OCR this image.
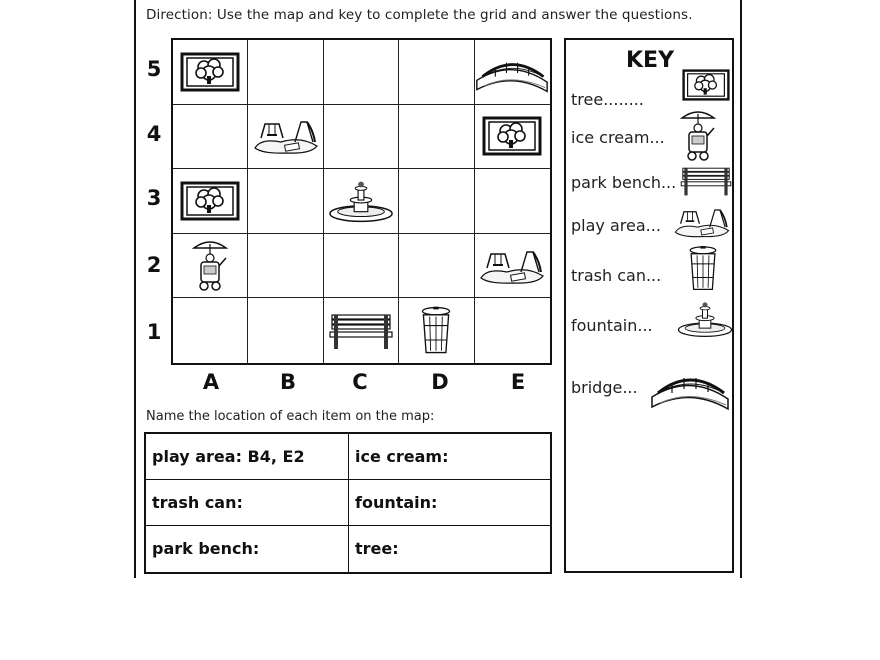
Direction: Use the map and key to complete the grid and answer the questions.
5
4
3
2
1
A	B	C	D	E
KEY
tree........
ice cream...
park bench...
play area...
trash can...
fountain...
bridge...
Name the location of each item on the map:
play area: B4, E2	ice cream:
trash can:	fountain:
park bench:	tree:
